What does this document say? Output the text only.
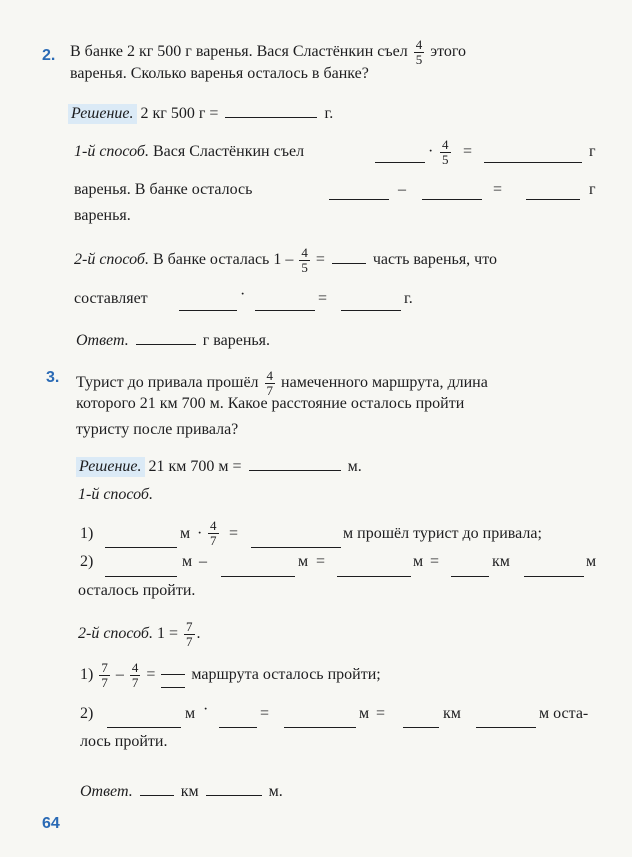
2. В банке 2 кг 500 г варенья. Вася Сластёнкин съел $\frac{4}{5}$ этого
варенья. Сколько варенья осталось в банке?
Решение. 2 кг 500 г =	г.
1-й способ. Вася Сластёнкин съел	· $\frac{4}{5}$ =	г
варенья. В банке осталось	–	=	г
варенья.
2-й способ. В банке осталась $1 - \frac{4}{5}$ =	часть варенья, что
составляет	·	=	г.
Ответ.	г варенья.
3. Турист до привала прошёл $\frac{4}{7}$ намеченного маршрута, длина
которого 21 км 700 м. Какое расстояние осталось пройти
туристу после привала?
Решение. 21 км 700 м =	м.
1-й способ.
1)	$м \cdot \frac{4}{7}$ =	м прошёл турист до привала;
2)	м –	м =	м =	км	м
осталось пройти.
2-й способ. $1 = \frac{7}{7}$ .
$1) \frac{7}{7} - \frac{4}{7}$ = маршрута осталось пройти;
2)	м ·	=	м =	км	м оста-
лось пройти.
Ответ.	км	м.
64
